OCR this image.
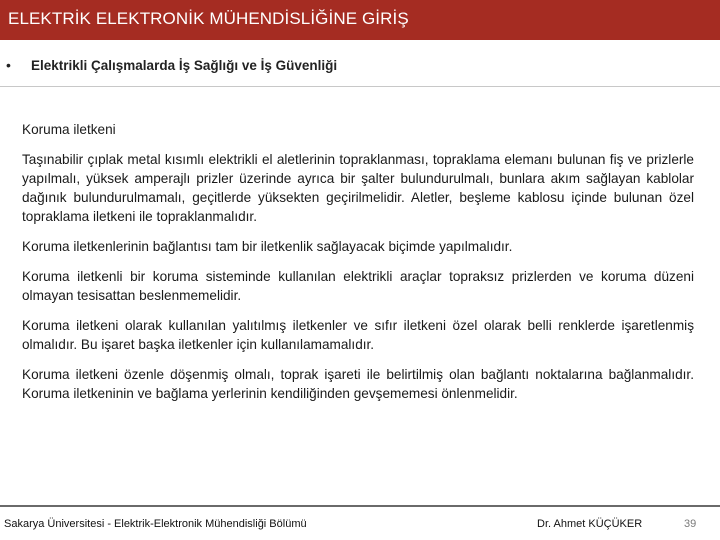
ELEKTRİK ELEKTRONİK MÜHENDİSLİĞİNE GİRİŞ
• Elektrikli Çalışmalarda İş Sağlığı ve İş Güvenliği

Koruma iletkeni

Taşınabilir çıplak metal kısımlı elektrikli el aletlerinin topraklanması, topraklama elemanı bulunan fiş ve prizlerle yapılmalı, yüksek amperajlı prizler üzerinde ayrıca bir şalter bulundurulmalı, bunlara akım sağlayan kablolar dağınık bulundurulmamalı, geçitlerde yüksekten geçirilmelidir. Aletler, beşleme kablosu içinde bulunan özel topraklama iletkeni ile topraklanmalıdır.

Koruma iletkenlerinin bağlantısı tam bir iletkenlik sağlayacak biçimde yapılmalıdır.

Koruma iletkenli bir koruma sisteminde kullanılan elektrikli araçlar topraksız prizlerden ve koruma düzeni olmayan tesisattan beslenmemelidir.

Koruma iletkeni olarak kullanılan yalıtılmış iletkenler ve sıfır iletkeni özel olarak belli renklerde işaretlenmiş olmalıdır. Bu işaret başka iletkenler için kullanılamamalıdır.

Koruma iletkeni özenle döşenmiş olmalı, toprak işareti ile belirtilmiş olan bağlantı noktalarına bağlanmalıdır. Koruma iletkeninin ve bağlama yerlerinin kendiliğinden gevşememesi önlenmelidir.

Sakarya Üniversitesi - Elektrik-Elektronik Mühendisliği Bölümü	Dr. Ahmet KÜÇÜKER	39
